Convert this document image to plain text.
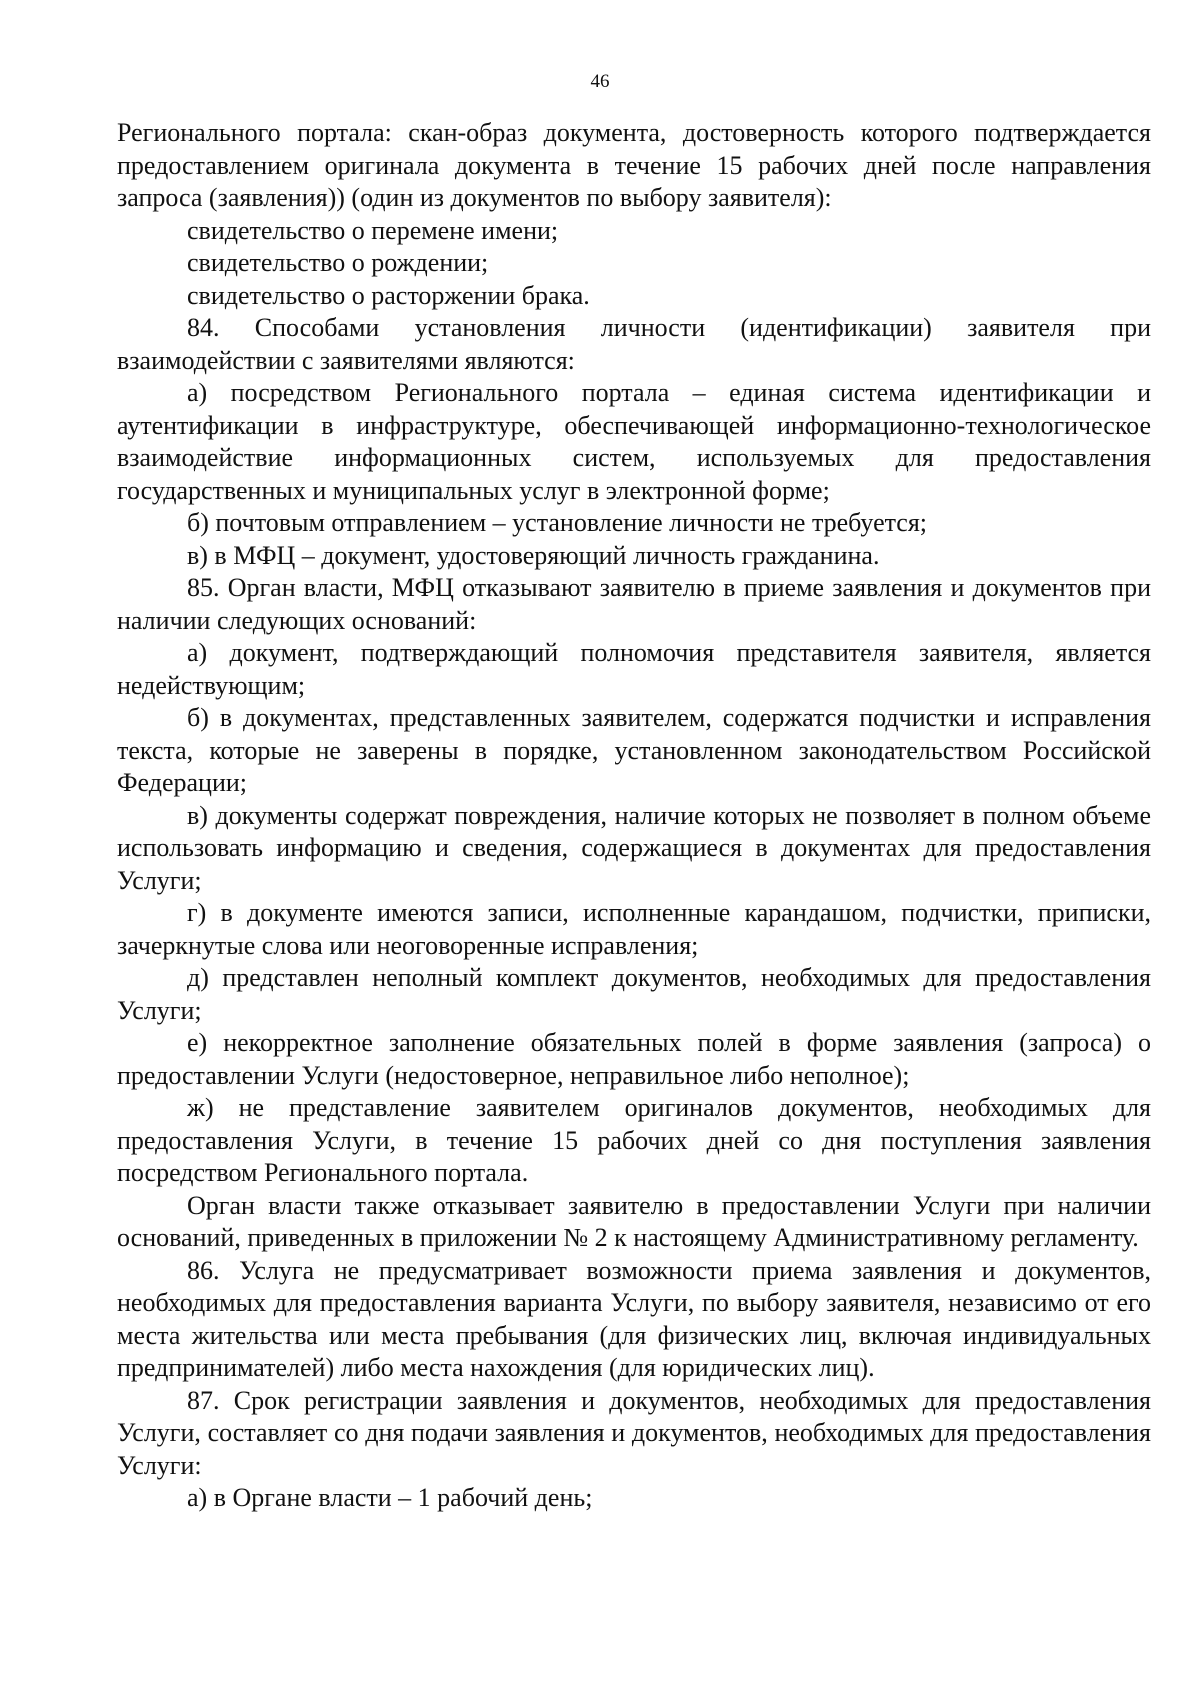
46

Регионального портала: скан-образ документа, достоверность которого подтверждается предоставлением оригинала документа в течение 15 рабочих дней после направления запроса (заявления)) (один из документов по выбору заявителя):

свидетельство о перемене имени;

свидетельство о рождении;

свидетельство о расторжении брака.

84. Способами установления личности (идентификации) заявителя при взаимодействии с заявителями являются:

а) посредством Регионального портала – единая система идентификации и аутентификации в инфраструктуре, обеспечивающей информационно-технологическое взаимодействие информационных систем, используемых для предоставления государственных и муниципальных услуг в электронной форме;

б) почтовым отправлением – установление личности не требуется;

в) в МФЦ – документ, удостоверяющий личность гражданина.

85. Орган власти, МФЦ отказывают заявителю в приеме заявления и документов при наличии следующих оснований:

а) документ, подтверждающий полномочия представителя заявителя, является недействующим;

б) в документах, представленных заявителем, содержатся подчистки и исправления текста, которые не заверены в порядке, установленном законодательством Российской Федерации;

в) документы содержат повреждения, наличие которых не позволяет в полном объеме использовать информацию и сведения, содержащиеся в документах для предоставления Услуги;

г) в документе имеются записи, исполненные карандашом, подчистки, приписки, зачеркнутые слова или неоговоренные исправления;

д) представлен неполный комплект документов, необходимых для предоставления Услуги;

е) некорректное заполнение обязательных полей в форме заявления (запроса) о предоставлении Услуги (недостоверное, неправильное либо неполное);

ж) не представление заявителем оригиналов документов, необходимых для предоставления Услуги, в течение 15 рабочих дней со дня поступления заявления посредством Регионального портала.

Орган власти также отказывает заявителю в предоставлении Услуги при наличии оснований, приведенных в приложении № 2 к настоящему Административному регламенту.

86. Услуга не предусматривает возможности приема заявления и документов, необходимых для предоставления варианта Услуги, по выбору заявителя, независимо от его места жительства или места пребывания (для физических лиц, включая индивидуальных предпринимателей) либо места нахождения (для юридических лиц).

87. Срок регистрации заявления и документов, необходимых для предоставления Услуги, составляет со дня подачи заявления и документов, необходимых для предоставления Услуги:

а) в Органе власти – 1 рабочий день;
